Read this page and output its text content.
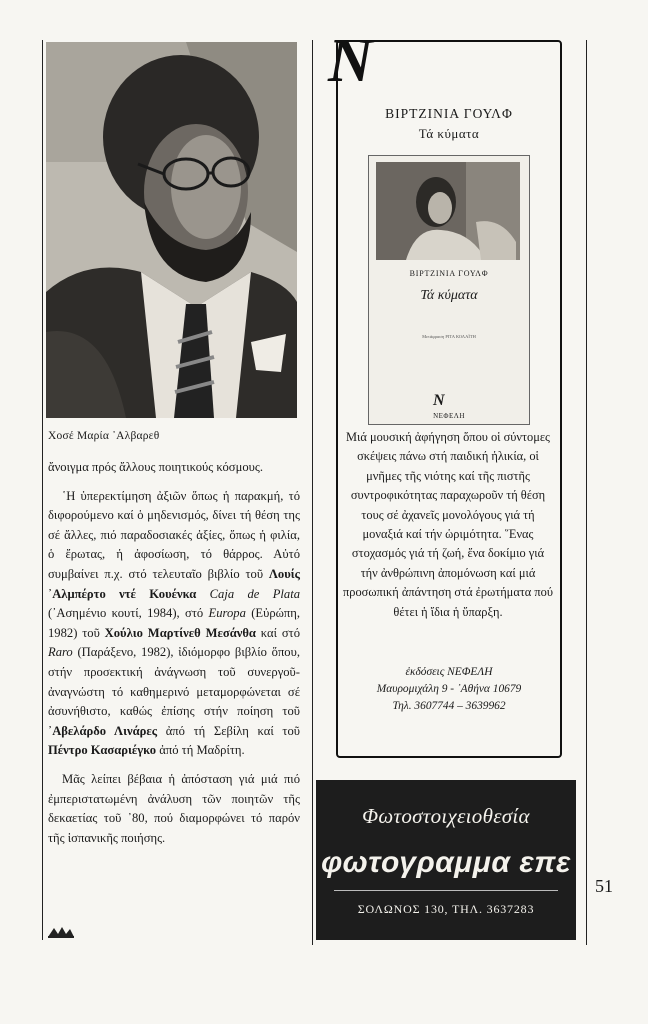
Χοσέ Μαρία ᾽Αλβαρεθ

ἄνοιγμα πρός ἄλλους ποιητικούς κόσμους.

῾Η ὑπερεκτίμηση ἀξιῶν ὅπως ἡ παρακμή, τό διφορούμενο καί ὁ μηδενισμός, δίνει τή θέση της σέ ἄλλες, πιό παραδοσιακές ἀξίες, ὅπως ἡ φιλία, ὁ ἔρωτας, ἡ ἀφοσίωση, τό θάρρος. Αὐτό συμβαίνει π.χ. στό τελευταῖο βιβλίο τοῦ Λουίς ᾽Αλμπέρτο ντέ Κουένκα Caja de Plata (᾽Ασημένιο κουτί, 1984), στό Europa (Εὐρώπη, 1982) τοῦ Χούλιο Μαρτίνεθ Μεσάνθα καί στό Raro (Παράξενο, 1982), ἰδιόμορφο βιβλίο ὅπου, στήν προσεκτική ἀνάγνωση τοῦ συνεργοῦ-ἀναγνώστη τό καθημερινό μεταμορφώνεται σέ ἀσυνήθιστο, καθώς ἐπίσης στήν ποίηση τοῦ ᾽Αβελάρδο Λινάρες ἀπό τή Σεβίλη καί τοῦ Πέντρο Κασαριέγκο ἀπό τή Μαδρίτη.

Μᾶς λείπει βέβαια ἡ ἀπόσταση γιά μιά πιό ἐμπεριστατωμένη ἀνάλυση τῶν ποιητῶν τῆς δεκαετίας τοῦ ᾽80, πού διαμορφώνει τό παρόν τῆς ἱσπανικῆς ποιήσης.

N
ΒΙΡΤΖΙΝΙΑ ΓΟΥΛΦ
Τά κύματα
ΒΙΡΤΖΙΝΙΑ ΓΟΥΛΦ
Τά κύματα
Μετάφραση ΡΙΤΑ ΚΟΛΑΪΤΗ
N
ΝΕΦΕΛΗ
Μιά μουσική ἀφήγηση ὅπου οἱ σύντομες σκέψεις πάνω στή παιδική ἡλικία, οἱ μνῆμες τῆς νιότης καί τῆς πιστῆς συντροφικότητας παραχωροῦν τή θέση τους σέ ἀχανεῖς μονολόγους γιά τή μοναξιά καί τήν ὡριμότητα. ῞Ενας στοχασμός γιά τή ζωή, ἕνα δοκίμιο γιά τήν ἀνθρώπινη ἀπομόνωση καί μιά προσωπική ἀπάντηση στά ἐρωτήματα πού θέτει ἡ ἴδια ἡ ὕπαρξη.
ἐκδόσεις ΝΕΦΕΛΗ
Μαυρομιχάλη 9 - ᾽Αθήνα 10679
Τηλ. 3607744 – 3639962
Φωτοστοιχειοθεσία
φωτογραμμα επε
ΣΟΛΩΝΟΣ 130, ΤΗΛ. 3637283
51
